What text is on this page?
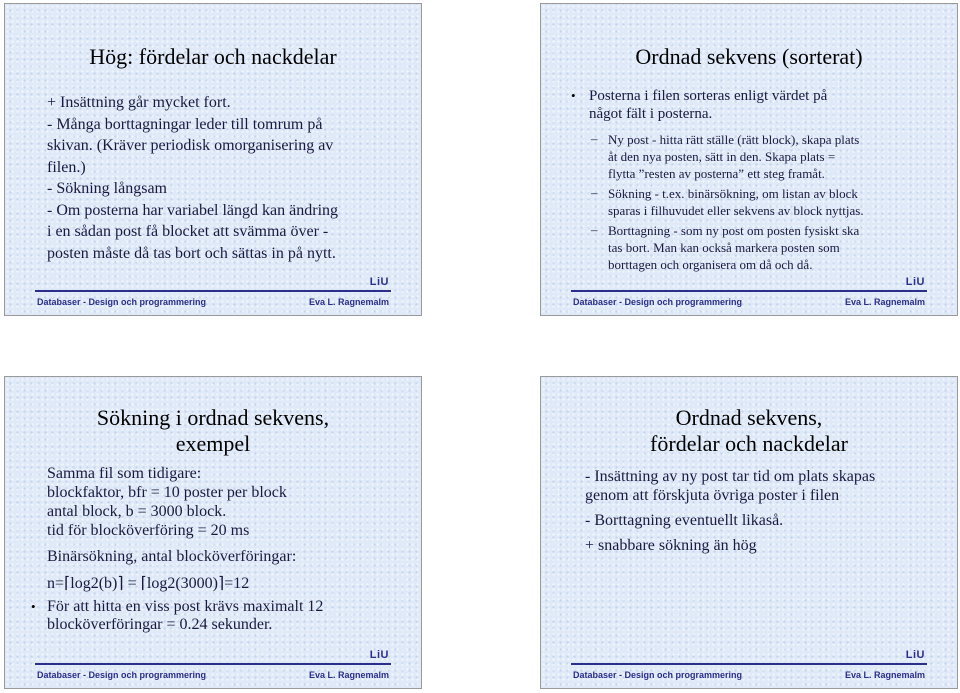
Hög: fördelar och nackdelar
+ Insättning går mycket fort.
- Många borttagningar leder till tomrum på
skivan. (Kräver periodisk omorganisering av
filen.)
- Sökning långsam
- Om posterna har variabel längd kan ändring
i en sådan post få blocket att svämma över -
posten måste då tas bort och sättas in på nytt.
LiU
Databaser - Design och programmering	Eva L. Ragnemalm
Ordnad sekvens (sorterat)
• Posterna i filen sorteras enligt värdet på
något fält i posterna.
– Ny post - hitta rätt ställe (rätt block), skapa plats
åt den nya posten, sätt in den. Skapa plats =
flytta ”resten av posterna” ett steg framåt.
– Sökning - t.ex. binärsökning, om listan av block
sparas i filhuvudet eller sekvens av block nyttjas.
– Borttagning - som ny post om posten fysiskt ska
tas bort. Man kan också markera posten som
borttagen och organisera om då och då.
LiU
Databaser - Design och programmering	Eva L. Ragnemalm
Sökning i ordnad sekvens,
exempel
Samma fil som tidigare:
blockfaktor, bfr = 10 poster per block
antal block, b = 3000 block.
tid för blocköverföring = 20 ms
Binärsökning, antal blocköverföringar:
n=⌈log2(b)⌉ = ⌈log2(3000)⌉=12
• För att hitta en viss post krävs maximalt 12
blocköverföringar = 0.24 sekunder.
LiU
Databaser - Design och programmering	Eva L. Ragnemalm
Ordnad sekvens,
fördelar och nackdelar
- Insättning av ny post tar tid om plats skapas
genom att förskjuta övriga poster i filen
- Borttagning eventuellt likaså.
+ snabbare sökning än hög
LiU
Databaser - Design och programmering	Eva L. Ragnemalm
